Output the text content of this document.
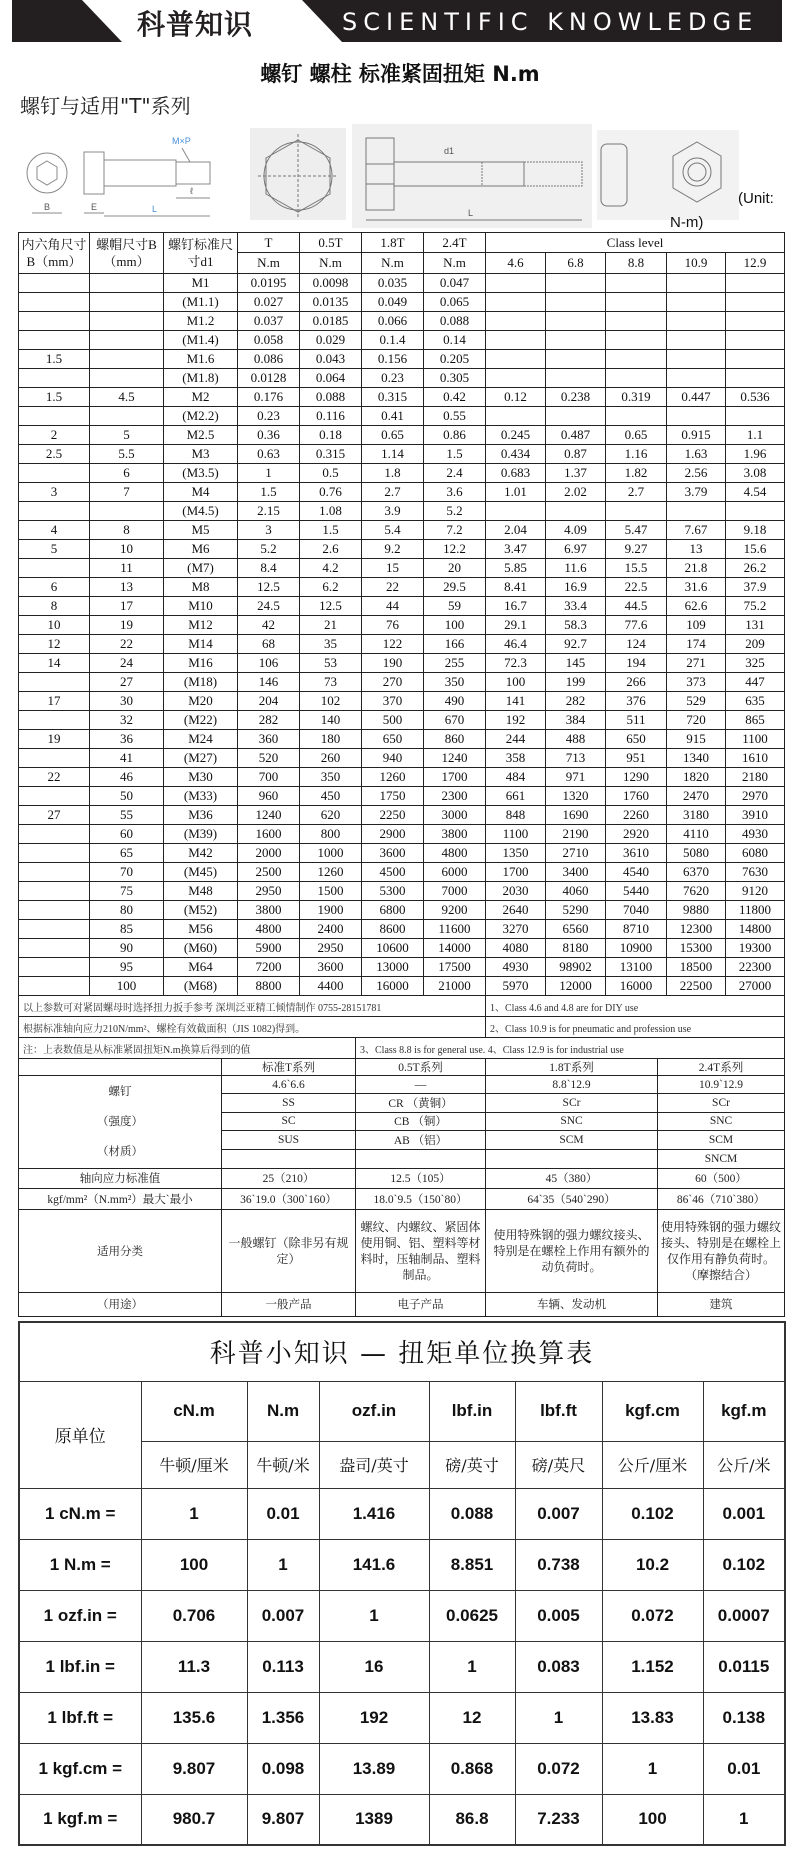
科普知识	SCIENTIFIC KNOWLEDGE
螺钉 螺柱 标准紧固扭矩 N.m
螺钉与适用"T"系列
M×P
B	E	L
ℓ
d1
L
(Unit:
N-m)
内六角尺寸B（mm）	螺帽尺寸B（mm）	螺钉标准尺寸d1	T	0.5T	1.8T	2.4T	Class level				
			N.m	N.m	N.m	N.m	4.6	6.8	8.8	10.9	12.9
		M1	0.0195	0.0098	0.035	0.047					
		(M1.1)	0.027	0.0135	0.049	0.065					
		M1.2	0.037	0.0185	0.066	0.088					
		(M1.4)	0.058	0.029	0.1.4	0.14					
1.5		M1.6	0.086	0.043	0.156	0.205					
		(M1.8)	0.0128	0.064	0.23	0.305					
1.5	4.5	M2	0.176	0.088	0.315	0.42	0.12	0.238	0.319	0.447	0.536
		(M2.2)	0.23	0.116	0.41	0.55					
2	5	M2.5	0.36	0.18	0.65	0.86	0.245	0.487	0.65	0.915	1.1
2.5	5.5	M3	0.63	0.315	1.14	1.5	0.434	0.87	1.16	1.63	1.96
	6	(M3.5)	1	0.5	1.8	2.4	0.683	1.37	1.82	2.56	3.08
3	7	M4	1.5	0.76	2.7	3.6	1.01	2.02	2.7	3.79	4.54
		(M4.5)	2.15	1.08	3.9	5.2					
4	8	M5	3	1.5	5.4	7.2	2.04	4.09	5.47	7.67	9.18
5	10	M6	5.2	2.6	9.2	12.2	3.47	6.97	9.27	13	15.6
	11	(M7)	8.4	4.2	15	20	5.85	11.6	15.5	21.8	26.2
6	13	M8	12.5	6.2	22	29.5	8.41	16.9	22.5	31.6	37.9
8	17	M10	24.5	12.5	44	59	16.7	33.4	44.5	62.6	75.2
10	19	M12	42	21	76	100	29.1	58.3	77.6	109	131
12	22	M14	68	35	122	166	46.4	92.7	124	174	209
14	24	M16	106	53	190	255	72.3	145	194	271	325
	27	(M18)	146	73	270	350	100	199	266	373	447
17	30	M20	204	102	370	490	141	282	376	529	635
	32	(M22)	282	140	500	670	192	384	511	720	865
19	36	M24	360	180	650	860	244	488	650	915	1100
	41	(M27)	520	260	940	1240	358	713	951	1340	1610
22	46	M30	700	350	1260	1700	484	971	1290	1820	2180
	50	(M33)	960	450	1750	2300	661	1320	1760	2470	2970
27	55	M36	1240	620	2250	3000	848	1690	2260	3180	3910
	60	(M39)	1600	800	2900	3800	1100	2190	2920	4110	4930
	65	M42	2000	1000	3600	4800	1350	2710	3610	5080	6080
	70	(M45)	2500	1260	4500	6000	1700	3400	4540	6370	7630
	75	M48	2950	1500	5300	7000	2030	4060	5440	7620	9120
	80	(M52)	3800	1900	6800	9200	2640	5290	7040	9880	11800
	85	M56	4800	2400	8600	11600	3270	6560	8710	12300	14800
	90	(M60)	5900	2950	10600	14000	4080	8180	10900	15300	19300
	95	M64	7200	3600	13000	17500	4930	98902	13100	18500	22300
	100	(M68)	8800	4400	16000	21000	5970	12000	16000	22500	27000
以上参数可对紧固螺母时选择扭力扳手参考 深圳泛亚精工倾情制作 0755-28151781		1、Class 4.6 and 4.8 are for DIY use
根据标准轴向应力210N/mm²、螺栓有效截面积（JIS 1082)得到。		2、Class 10.9 is for pneumatic and profession use
注：上表数值是从标准紧固扭矩N.m换算后得到的值	3、Class 8.8 is for general use. 4、Class 12.9 is for industrial use	
	标准T系列	0.5T系列	1.8T系列	2.4T系列

螺钉
（强度）
（材质）	4.6`6.6	—	8.8`12.9	10.9`12.9
	SS	CR （黄铜）	SCr	SCr
	SC	CB （铜）	SNC	SNC
	SUS	AB （铝）	SCM	SCM
				SNCM
轴向应力标准值	25（210）	12.5（105）	45（380）	60（500）
kgf/mm²（N.mm²）最大`最小	36`19.0（300`160）	18.0`9.5（150`80）	64`35（540`290）	86`46（710`380）
适用分类	一般螺钉（除非另有规定）	螺纹、内螺纹、紧固体使用铜、铝、塑料等材料时，压轴制品、塑料制品。	使用特殊钢的强力螺纹接头、特别是在螺栓上作用有额外的动负荷时。	使用特殊钢的强力螺纹接头、特别是在螺栓上仅作用有静负荷时。（摩擦结合）
（用途）	一般产品	电子产品	车辆、发动机	建筑
科普小知识 — 扭矩单位换算表							
原单位	cN.m	N.m	ozf.in	lbf.in	lbf.ft	kgf.cm	kgf.m
	牛顿/厘米	牛顿/米	盎司/英寸	磅/英寸	磅/英尺	公斤/厘米	公斤/米
1 cN.m =	1	0.01	1.416	0.088	0.007	0.102	0.001
1 N.m =	100	1	141.6	8.851	0.738	10.2	0.102
1 ozf.in =	0.706	0.007	1	0.0625	0.005	0.072	0.0007
1 lbf.in =	11.3	0.113	16	1	0.083	1.152	0.0115
1 lbf.ft =	135.6	1.356	192	12	1	13.83	0.138
1 kgf.cm =	9.807	0.098	13.89	0.868	0.072	1	0.01
1 kgf.m =	980.7	9.807	1389	86.8	7.233	100	1
